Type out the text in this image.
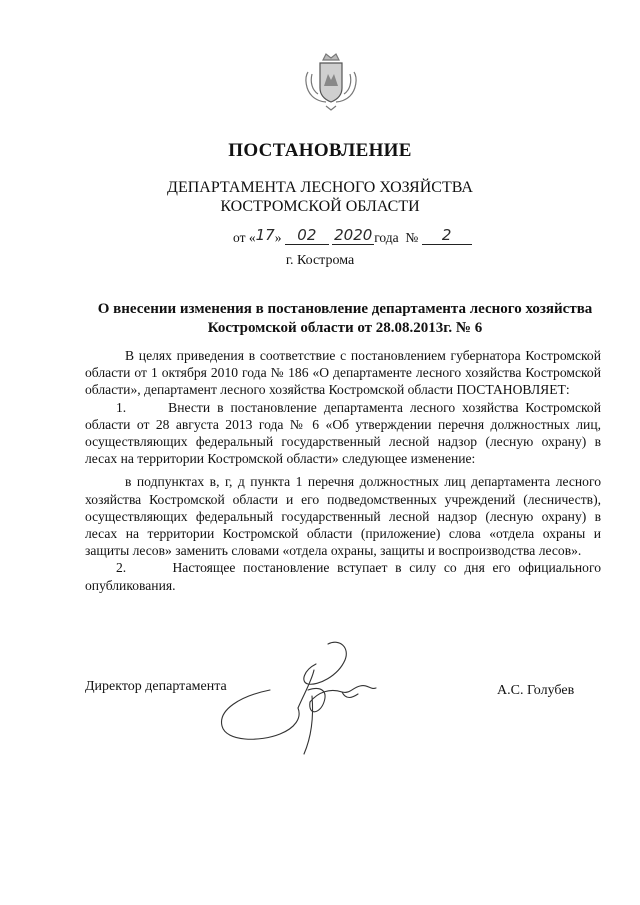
ПОСТАНОВЛЕНИЕ
ДЕПАРТАМЕНТА ЛЕСНОГО ХОЗЯЙСТВА КОСТРОМСКОЙ ОБЛАСТИ
от «17» 02 2020 года № 2
г. Кострома
О внесении изменения в постановление департамента лесного хозяйства Костромской области от 28.08.2013г. № 6

В целях приведения в соответствие с постановлением губернатора Костромской области от 1 октября 2010 года № 186 «О департаменте лесного хозяйства Костромской области», департамент лесного хозяйства Костромской области ПОСТАНОВЛЯЕТ:

1.      Внести в постановление департамента лесного хозяйства Костромской области от 28 августа 2013 года № 6 «Об утверждении перечня должностных лиц, осуществляющих федеральный государственный лесной надзор (лесную охрану) в лесах на территории Костромской области» следующее изменение:

в подпунктах в, г, д пункта 1 перечня должностных лиц департамента лесного хозяйства Костромской области и его подведомственных учреждений (лесничеств), осуществляющих федеральный государственный лесной надзор (лесную охрану) в лесах на территории Костромской области (приложение) слова «отдела охраны и защиты лесов» заменить словами «отдела охраны, защиты и воспроизводства лесов».

2.      Настоящее постановление вступает в силу со дня его официального опубликования.

Директор департамента	А.С. Голубев
